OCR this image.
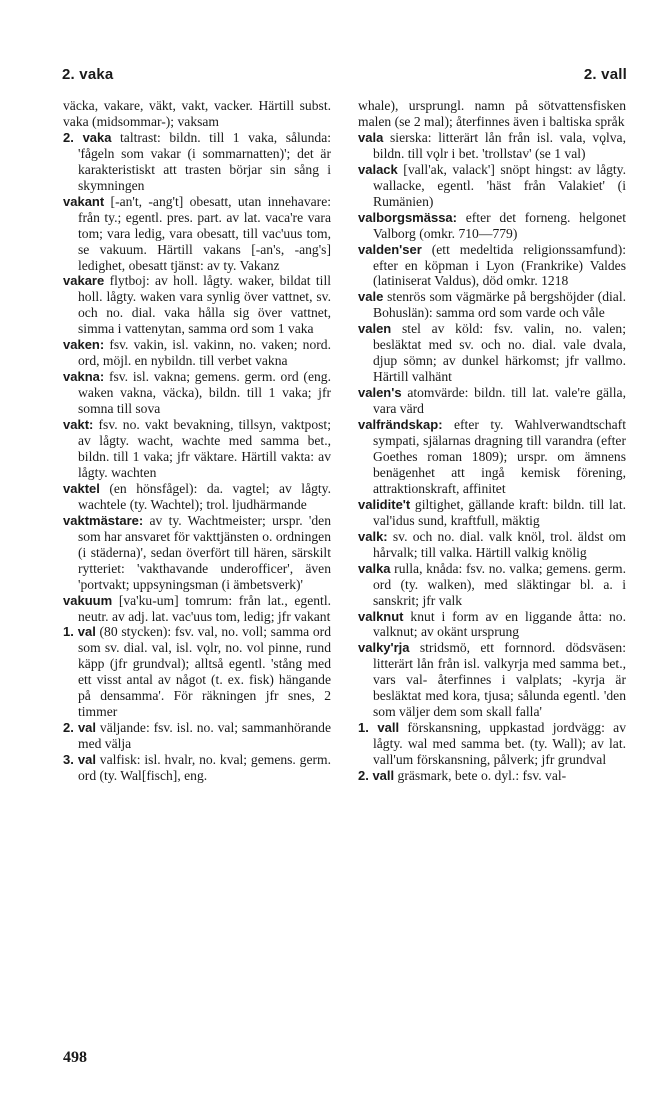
2. vaka	2. vall
väcka, vakare, väkt, vakt, vacker. Härtill subst. vaka (midsommar-); vaksam
2. vaka taltrast: bildn. till 1 vaka, sålunda: 'fågeln som vakar (i sommarnatten)'; det är karakteristiskt att trasten börjar sin sång i skymningen
vakant [-an't, -ang't] obesatt, utan innehavare: från ty.; egentl. pres. part. av lat. vaca're vara tom; vara ledig, vara obesatt, till vac'uus tom, se vakuum. Härtill vakans [-an's, -ang's] ledighet, obesatt tjänst: av ty. Vakanz
vakare flytboj: av holl. lågty. waker, bildat till holl. lågty. waken vara synlig över vattnet, sv. och no. dial. vaka hålla sig över vattnet, simma i vattenytan, samma ord som 1 vaka
vaken: fsv. vakin, isl. vakinn, no. vaken; nord. ord, möjl. en nybildn. till verbet vakna
vakna: fsv. isl. vakna; gemens. germ. ord (eng. waken vakna, väcka), bildn. till 1 vaka; jfr somna till sova
vakt: fsv. no. vakt bevakning, tillsyn, vaktpost; av lågty. wacht, wachte med samma bet., bildn. till 1 vaka; jfr väktare. Härtill vakta: av lågty. wachten
vaktel (en hönsfågel): da. vagtel; av lågty. wachtele (ty. Wachtel); trol. ljudhärmande
vaktmästare: av ty. Wachtmeister; urspr. 'den som har ansvaret för vakttjänsten o. ordningen (i städerna)', sedan överfört till hären, särskilt rytteriet: 'vakthavande underofficer', även 'portvakt; uppsyningsman (i ämbetsverk)'
vakuum [va'ku-um] tomrum: från lat., egentl. neutr. av adj. lat. vac'uus tom, ledig; jfr vakant
1. val (80 stycken): fsv. val, no. voll; samma ord som sv. dial. val, isl. vǫlr, no. vol pinne, rund käpp (jfr grundval); alltså egentl. 'stång med ett visst antal av något (t. ex. fisk) hängande på densamma'. För räkningen jfr snes, 2 timmer
2. val väljande: fsv. isl. no. val; sammanhörande med välja
3. val valfisk: isl. hvalr, no. kval; gemens. germ. ord (ty. Wal[fisch], eng.
whale), ursprungl. namn på sötvattensfisken malen (se 2 mal); återfinnes även i baltiska språk
vala sierska: litterärt lån från isl. vala, vǫlva, bildn. till vǫlr i bet. 'trollstav' (se 1 val)
valack [vall'ak, valack'] snöpt hingst: av lågty. wallacke, egentl. 'häst från Valakiet' (i Rumänien)
valborgsmässa: efter det forneng. helgonet Valborg (omkr. 710—779)
valden'ser (ett medeltida religionssamfund): efter en köpman i Lyon (Frankrike) Valdes (latiniserat Valdus), död omkr. 1218
vale stenrös som vägmärke på bergshöjder (dial. Bohuslän): samma ord som varde och våle
valen stel av köld: fsv. valin, no. valen; besläktat med sv. och no. dial. vale dvala, djup sömn; av dunkel härkomst; jfr vallmo. Härtill valhänt
valen's atomvärde: bildn. till lat. vale're gälla, vara värd
valfrändskap: efter ty. Wahlverwandtschaft sympati, själarnas dragning till varandra (efter Goethes roman 1809); urspr. om ämnens benägenhet att ingå kemisk förening, attraktionskraft, affinitet
validite't giltighet, gällande kraft: bildn. till lat. val'idus sund, kraftfull, mäktig
valk: sv. och no. dial. valk knöl, trol. äldst om hårvalk; till valka. Härtill valkig knölig
valka rulla, knåda: fsv. no. valka; gemens. germ. ord (ty. walken), med släktingar bl. a. i sanskrit; jfr valk
valknut knut i form av en liggande åtta: no. valknut; av okänt ursprung
valky'rja stridsmö, ett fornnord. dödsväsen: litterärt lån från isl. valkyrja med samma bet., vars val- återfinnes i valplats; -kyrja är besläktat med kora, tjusa; sålunda egentl. 'den som väljer dem som skall falla'
1. vall förskansning, uppkastad jordvägg: av lågty. wal med samma bet. (ty. Wall); av lat. vall'um förskansning, pålverk; jfr grundval
2. vall gräsmark, bete o. dyl.: fsv. val-
498
